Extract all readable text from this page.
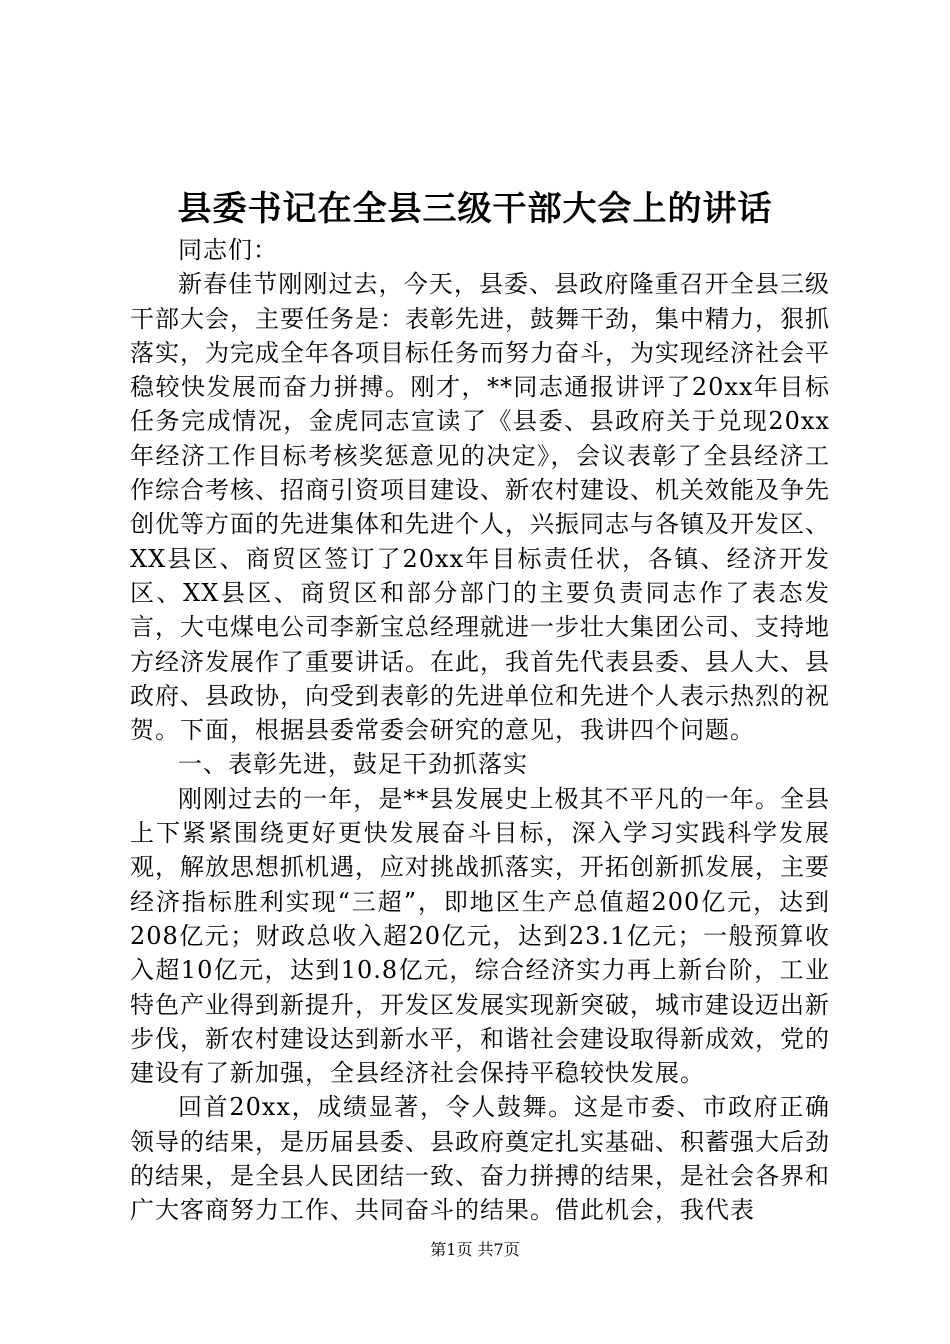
县委书记在全县三级干部大会上的讲话

同志们：

新春佳节刚刚过去，今天，县委、县政府隆重召开全县三级干部大会，主要任务是：表彰先进，鼓舞干劲，集中精力，狠抓落实，为完成全年各项目标任务而努力奋斗，为实现经济社会平稳较快发展而奋力拼搏。刚才，**同志通报讲评了20xx年目标任务完成情况，金虎同志宣读了《县委、县政府关于兑现20xx年经济工作目标考核奖惩意见的决定》，会议表彰了全县经济工作综合考核、招商引资项目建设、新农村建设、机关效能及争先创优等方面的先进集体和先进个人，兴振同志与各镇及开发区、XX县区、商贸区签订了20xx年目标责任状，各镇、经济开发区、XX县区、商贸区和部分部门的主要负责同志作了表态发言，大屯煤电公司李新宝总经理就进一步壮大集团公司、支持地方经济发展作了重要讲话。在此，我首先代表县委、县人大、县政府、县政协，向受到表彰的先进单位和先进个人表示热烈的祝贺。下面，根据县委常委会研究的意见，我讲四个问题。

一、表彰先进，鼓足干劲抓落实

刚刚过去的一年，是**县发展史上极其不平凡的一年。全县上下紧紧围绕更好更快发展奋斗目标，深入学习实践科学发展观，解放思想抓机遇，应对挑战抓落实，开拓创新抓发展，主要经济指标胜利实现“三超”，即地区生产总值超200亿元，达到208亿元；财政总收入超20亿元，达到23.1亿元；一般预算收入超10亿元，达到10.8亿元，综合经济实力再上新台阶，工业特色产业得到新提升，开发区发展实现新突破，城市建设迈出新步伐，新农村建设达到新水平，和谐社会建设取得新成效，党的建设有了新加强，全县经济社会保持平稳较快发展。

回首20xx，成绩显著，令人鼓舞。这是市委、市政府正确领导的结果，是历届县委、县政府奠定扎实基础、积蓄强大后劲的结果，是全县人民团结一致、奋力拼搏的结果，是社会各界和广大客商努力工作、共同奋斗的结果。借此机会，我代表

第1页 共7页
